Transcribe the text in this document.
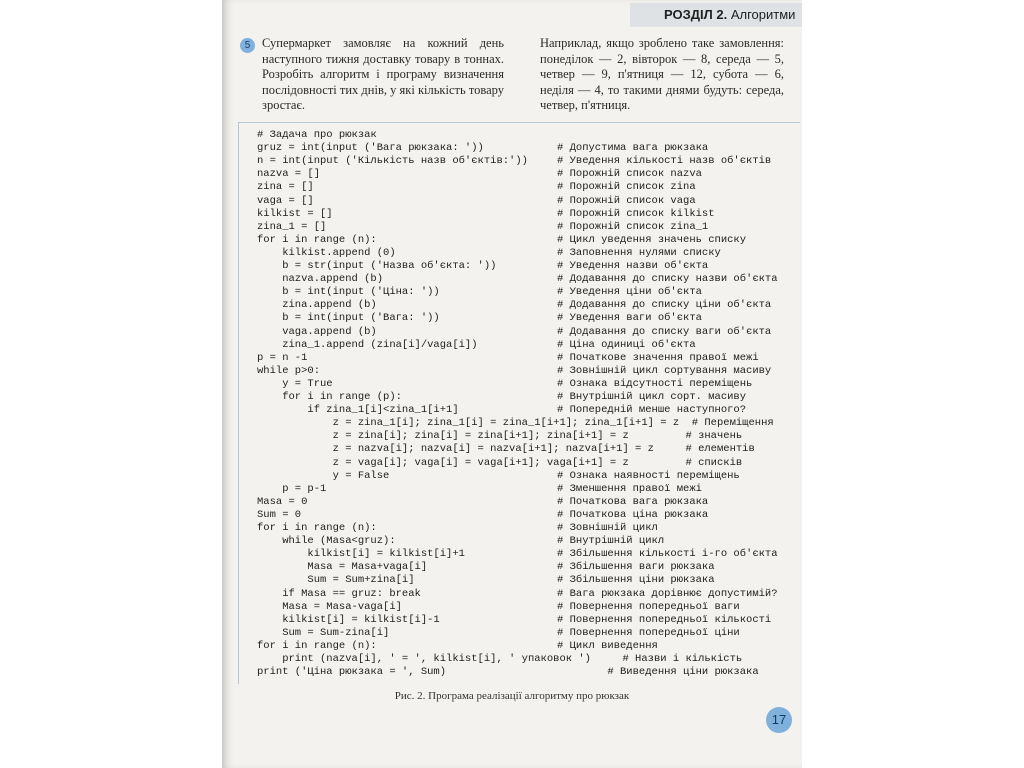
РОЗДІЛ 2. Алгоритми
5 Супермаркет замовляє на кожний день наступного тижня доставку товару в тоннах. Розробіть алгоритм і програму визначення послідовності тих днів, у які кількість товару зростає.
Наприклад, якщо зроблено таке замовлення: понеділок — 2, вівторок — 8, середа — 5, четвер — 9, п'ятниця — 12, субота — 6, неділя — 4, то такими днями будуть: середа, четвер, п'ятниця.
# Задача про рюкзак
gruz = int(input ('Вага рюкзака: '))	# Допустима вага рюкзака
n = int(input ('Кількість назв об'єктів:'))	# Уведення кількості назв об'єктів
nazva = []	# Порожній список nazva
zina = []	# Порожній список zina
vaga = []	# Порожній список vaga
kilkist = []	# Порожній список kilkist
zina_1 = []	# Порожній список zina_1
for i in range (n):	# Цикл уведення значень списку
kilkist.append (0)	# Заповнення нулями списку
b = str(input ('Назва об'єкта: '))	# Уведення назви об'єкта
nazva.append (b)	# Додавання до списку назви об'єкта
b = int(input ('Ціна: '))	# Уведення ціни об'єкта
zina.append (b)	# Додавання до списку ціни об'єкта
b = int(input ('Вага: '))	# Уведення ваги об'єкта
vaga.append (b)	# Додавання до списку ваги об'єкта
zina_1.append (zina[i]/vaga[i])	# Ціна одиниці об'єкта
p = n -1	# Початкове значення правої межі
while p>0:	# Зовнішній цикл сортування масиву
y = True	# Ознака відсутності переміщень
for i in range (p):	# Внутрішній цикл сорт. масиву
if zina_1[i]<zina_1[i+1]	# Попередній менше наступного?
z = zina_1[i]; zina_1[i] = zina_1[i+1]; zina_1[i+1] = z  # Переміщення
z = zina[i]; zina[i] = zina[i+1]; zina[i+1] = z         # значень
z = nazva[i]; nazva[i] = nazva[i+1]; nazva[i+1] = z     # елементів
z = vaga[i]; vaga[i] = vaga[i+1]; vaga[i+1] = z         # списків
y = False	# Ознака наявності переміщень
p = p-1	# Зменшення правої межі
Masa = 0	# Початкова вага рюкзака
Sum = 0	# Початкова ціна рюкзака
for i in range (n):	# Зовнішній цикл
while (Masa<gruz):	# Внутрішній цикл
kilkist[i] = kilkist[i]+1	# Збільшення кількості і-го об'єкта
Masa = Masa+vaga[i]	# Збільшення ваги рюкзака
Sum = Sum+zina[i]	# Збільшення ціни рюкзака
if Masa == gruz: break	# Вага рюкзака дорівнює допустимій?
Masa = Masa-vaga[i]	# Повернення попередньої ваги
kilkist[i] = kilkist[i]-1	# Повернення попередньої кількості
Sum = Sum-zina[i]	# Повернення попередньої ціни
for i in range (n):	# Цикл виведення
print (nazva[i], ' = ', kilkist[i], ' упаковок ')     # Назви і кількість
print ('Ціна рюкзака = ', Sum)	# Виведення ціни рюкзака
Рис. 2. Програма реалізації алгоритму про рюкзак
17
